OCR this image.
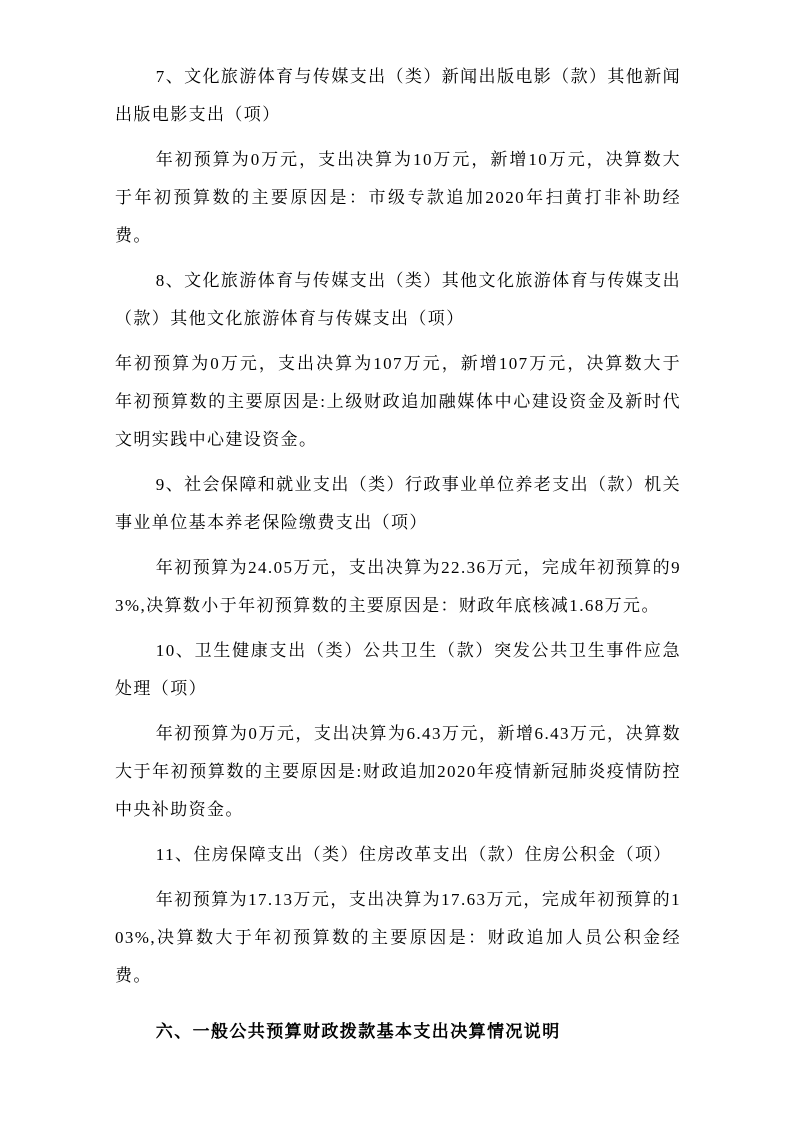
7、文化旅游体育与传媒支出（类）新闻出版电影（款）其他新闻出版电影支出（项）

年初预算为0万元，支出决算为10万元，新增10万元，决算数大于年初预算数的主要原因是：市级专款追加2020年扫黄打非补助经费。

8、文化旅游体育与传媒支出（类）其他文化旅游体育与传媒支出（款）其他文化旅游体育与传媒支出（项）

年初预算为0万元，支出决算为107万元，新增107万元，决算数大于年初预算数的主要原因是:上级财政追加融媒体中心建设资金及新时代文明实践中心建设资金。

9、社会保障和就业支出（类）行政事业单位养老支出（款）机关事业单位基本养老保险缴费支出（项）

年初预算为24.05万元，支出决算为22.36万元，完成年初预算的93%,决算数小于年初预算数的主要原因是：财政年底核减1.68万元。

10、卫生健康支出（类）公共卫生（款）突发公共卫生事件应急处理（项）

年初预算为0万元，支出决算为6.43万元，新增6.43万元，决算数大于年初预算数的主要原因是:财政追加2020年疫情新冠肺炎疫情防控中央补助资金。

11、住房保障支出（类）住房改革支出（款）住房公积金（项）

年初预算为17.13万元，支出决算为17.63万元，完成年初预算的103%,决算数大于年初预算数的主要原因是：财政追加人员公积金经费。

六、一般公共预算财政拨款基本支出决算情况说明
